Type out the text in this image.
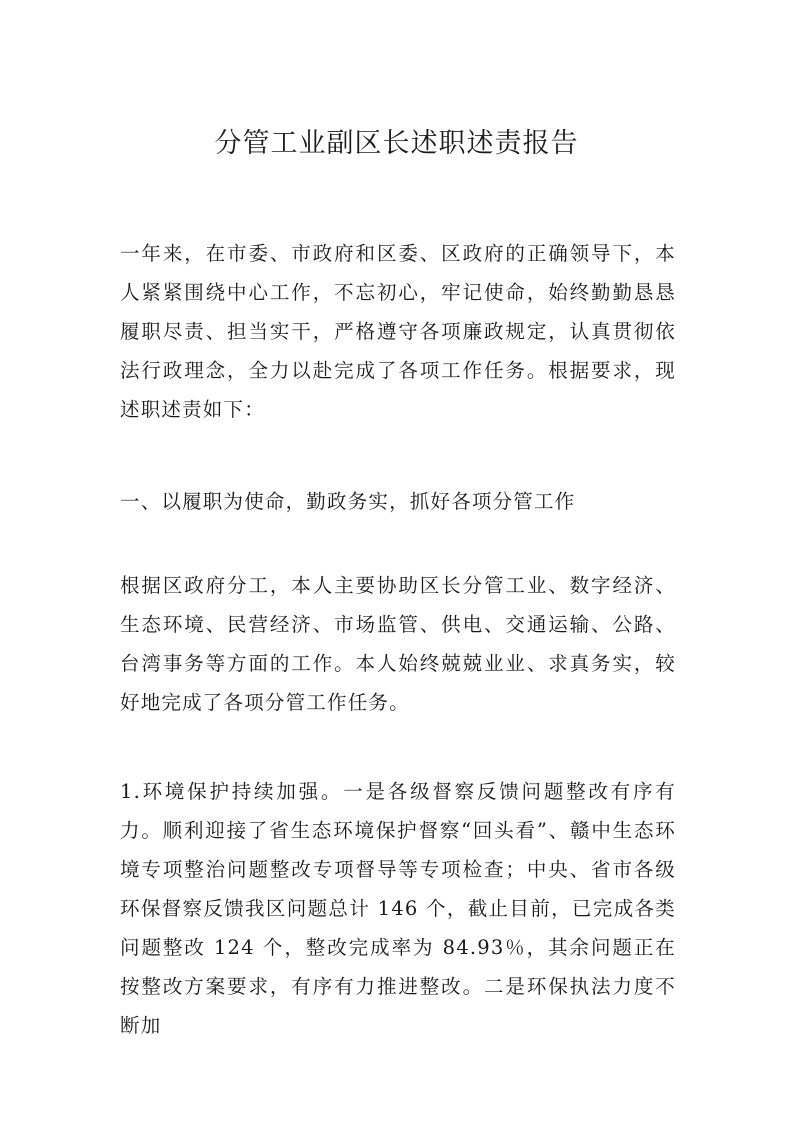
分管工业副区长述职述责报告

一年来，在市委、市政府和区委、区政府的正确领导下，本人紧紧围绕中心工作，不忘初心，牢记使命，始终勤勤恳恳履职尽责、担当实干，严格遵守各项廉政规定，认真贯彻依法行政理念，全力以赴完成了各项工作任务。根据要求，现述职述责如下：

一、以履职为使命，勤政务实，抓好各项分管工作

根据区政府分工，本人主要协助区长分管工业、数字经济、生态环境、民营经济、市场监管、供电、交通运输、公路、台湾事务等方面的工作。本人始终兢兢业业、求真务实，较好地完成了各项分管工作任务。

1.环境保护持续加强。一是各级督察反馈问题整改有序有力。顺利迎接了省生态环境保护督察“回头看”、赣中生态环境专项整治问题整改专项督导等专项检查；中央、省市各级环保督察反馈我区问题总计 146 个，截止目前，已完成各类问题整改 124 个，整改完成率为 84.93％，其余问题正在按整改方案要求，有序有力推进整改。二是环保执法力度不断加
